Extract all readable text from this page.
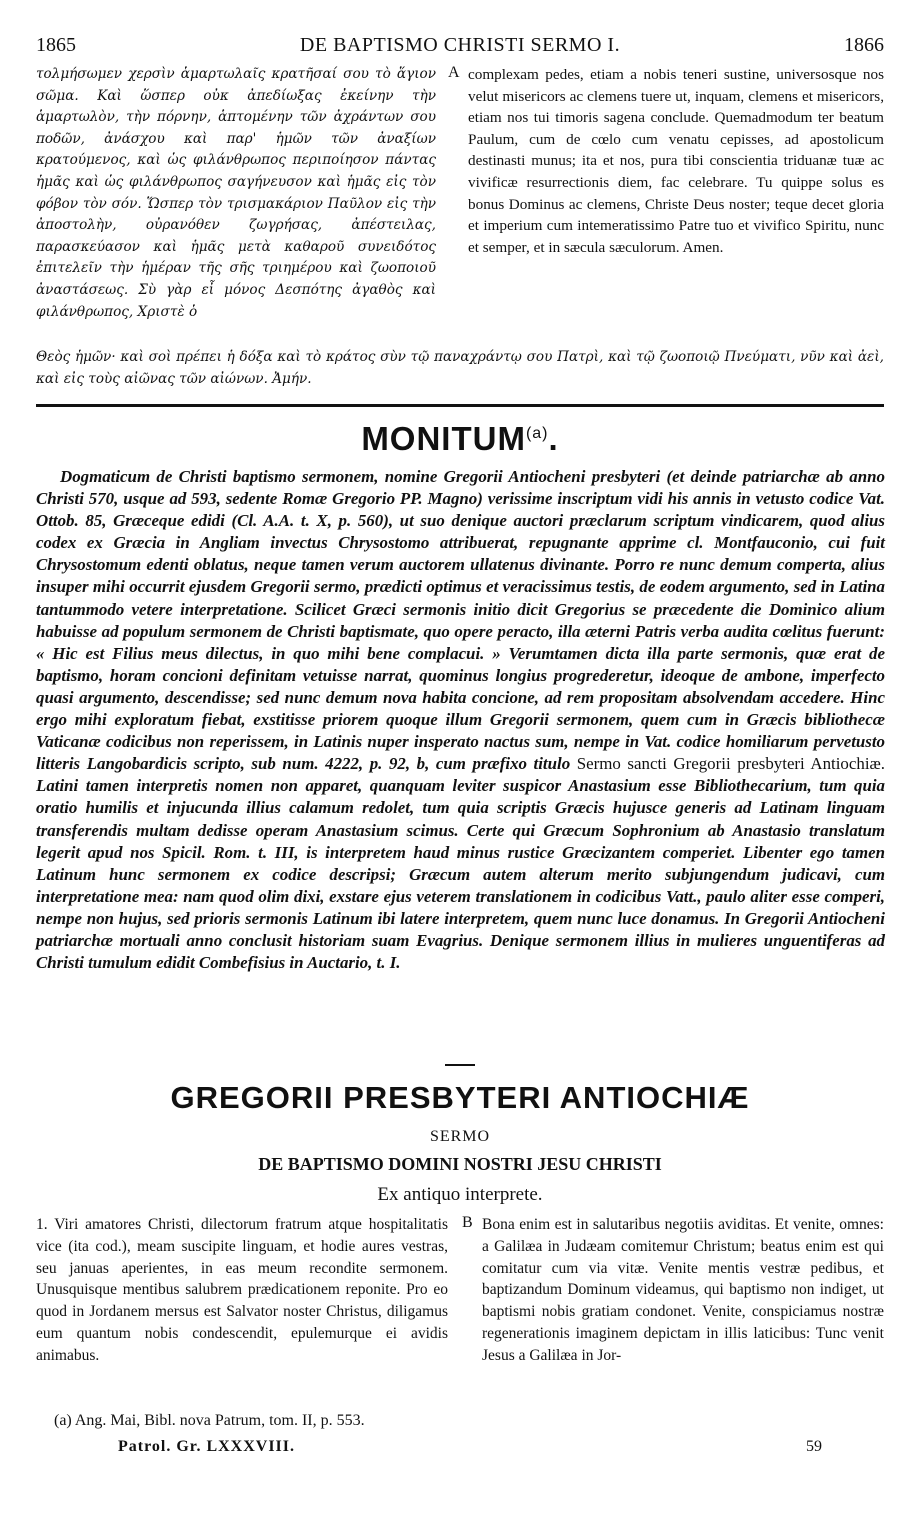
1865	DE BAPTISMO CHRISTI SERMO I.	1866
τολμήσωμεν χερσὶν ἁμαρτωλαῖς κρατῆσαί σου τὸ ἅγιον σῶμα. Καὶ ὥσπερ οὐκ ἀπεδίωξας ἐκείνην τὴν ἁμαρτωλὸν, τὴν πόρνην, ἁπτομένην τῶν ἀχράντων σου ποδῶν, ἀνάσχου καὶ παρ' ἡμῶν τῶν ἀναξίων κρατούμενος, καὶ ὡς φιλάνθρωπος περιποίησον πάντας ἡμᾶς καὶ ὡς φιλάνθρωπος σαγήνευσον καὶ ἡμᾶς εἰς τὸν φόβον τὸν σόν. Ὥσπερ τὸν τρισμακάριον Παῦλον εἰς τὴν ἀποστολὴν, οὐρανόθεν ζωγρήσας, ἀπέστειλας, παρασκεύασον καὶ ἡμᾶς μετὰ καθαροῦ συνειδότος ἐπιτελεῖν τὴν ἡμέραν τῆς σῆς τριημέρου καὶ ζωοποιοῦ ἀναστάσεως. Σὺ γὰρ εἶ μόνος Δεσπότης ἀγαθὸς καὶ φιλάνθρωπος, Χριστὲ ὁ
A complexam pedes, etiam a nobis teneri sustine, universosque nos velut misericors ac clemens tuere ut, inquam, clemens et misericors, etiam nos tui timoris sagena conclude. Quemadmodum ter beatum Paulum, cum de cœlo cum venatu cepisses, ad apostolicum destinasti munus; ita et nos, pura tibi conscientia triduanæ tuæ ac vivificæ resurrectionis diem, fac celebrare. Tu quippe solus es bonus Dominus ac clemens, Christe Deus noster; teque decet gloria et imperium cum intemeratissimo Patre tuo et vivifico Spiritu, nunc et semper, et in sæcula sæculorum. Amen.
Θεὸς ἡμῶν· καὶ σοὶ πρέπει ἡ δόξα καὶ τὸ κράτος σὺν τῷ παναχράντῳ σου Πατρὶ, καὶ τῷ ζωοποιῷ Πνεύματι, νῦν καὶ ἀεὶ, καὶ εἰς τοὺς αἰῶνας τῶν αἰώνων. Ἀμήν.
MONITUM$^{(a)}$.
Dogmaticum de Christi baptismo sermonem, nomine Gregorii Antiocheni presbyteri (et deinde patriarchæ ab anno Christi 570, usque ad 593, sedente Romæ Gregorio PP. Magno) verissime inscriptum vidi his annis in vetusto codice Vat. Ottob. 85, Græceque edidi (Cl. A.A. t. X, p. 560), ut suo denique auctori præclarum scriptum vindicarem, quod alius codex ex Græcia in Angliam invectus Chrysostomo attribuerat, repugnante apprime cl. Montfauconio, cui fuit Chrysostomum edenti oblatus, neque tamen verum auctorem ullatenus divinante. Porro re nunc demum comperta, alius insuper mihi occurrit ejusdem Gregorii sermo, prædicti optimus et veracissimus testis, de eodem argumento, sed in Latina tantummodo vetere interpretatione. Scilicet Græci sermonis initio dicit Gregorius se præcedente die Dominico alium habuisse ad populum sermonem de Christi baptismate, quo opere peracto, illa æterni Patris verba audita cœlitus fuerunt: « Hic est Filius meus dilectus, in quo mihi bene complacui. » Verumtamen dicta illa parte sermonis, quæ erat de baptismo, horam concioni definitam vetuisse narrat, quominus longius progrederetur, ideoque de ambone, imperfecto quasi argumento, descendisse; sed nunc demum nova habita concione, ad rem propositam absolvendam accedere. Hinc ergo mihi exploratum fiebat, exstitisse priorem quoque illum Gregorii sermonem, quem cum in Græcis bibliothecæ Vaticanæ codicibus non reperissem, in Latinis nuper insperato nactus sum, nempe in Vat. codice homiliarum pervetusto litteris Langobardicis scripto, sub num. 4222, p. 92, b, cum præfixo titulo Sermo sancti Gregorii presbyteri Antiochiæ. Latini tamen interpretis nomen non apparet, quanquam leviter suspicor Anastasium esse Bibliothecarium, tum quia oratio humilis et injucunda illius calamum redolet, tum quia scriptis Græcis hujusce generis ad Latinam linguam transferendis multam dedisse operam Anastasium scimus. Certe qui Græcum Sophronium ab Anastasio translatum legerit apud nos Spicil. Rom. t. III, is interpretem haud minus rustice Græcizantem comperiet. Libenter ego tamen Latinum hunc sermonem ex codice descripsi; Græcum autem alterum merito subjungendum judicavi, cum interpretatione mea: nam quod olim dixi, exstare ejus veterem translationem in codicibus Vatt., paulo aliter esse comperi, nempe non hujus, sed prioris sermonis Latinum ibi latere interpretem, quem nunc luce donamus. In Gregorii Antiocheni patriarchæ mortuali anno conclusit historiam suam Evagrius. Denique sermonem illius in mulieres unguentiferas ad Christi tumulum edidit Combefisius in Auctario, t. I.
GREGORII PRESBYTERI ANTIOCHIÆ
SERMO
DE BAPTISMO DOMINI NOSTRI JESU CHRISTI
Ex antiquo interprete.
1. Viri amatores Christi, dilectorum fratrum atque hospitalitatis vice (ita cod.), meam suscipite linguam, et hodie aures vestras, seu januas aperientes, in eas meum recondite sermonem. Unusquisque mentibus salubrem prædicationem reponite. Pro eo quod in Jordanem mersus est Salvator noster Christus, diligamus eum quantum nobis condescendit, epulemurque ei avidis animabus.
B Bona enim est in salutaribus negotiis aviditas. Et venite, omnes: a Galilæa in Judæam comitemur Christum; beatus enim est qui comitatur cum via vitæ. Venite mentis vestræ pedibus, et baptizandum Dominum videamus, qui baptismo non indiget, ut baptismi nobis gratiam condonet. Venite, conspiciamus nostræ regenerationis imaginem depictam in illis laticibus: Tunc venit Jesus a Galilæa in Jor-
(a) Ang. Mai, Bibl. nova Patrum, tom. II, p. 553.
Patrol. Gr. LXXXVIII.	59
